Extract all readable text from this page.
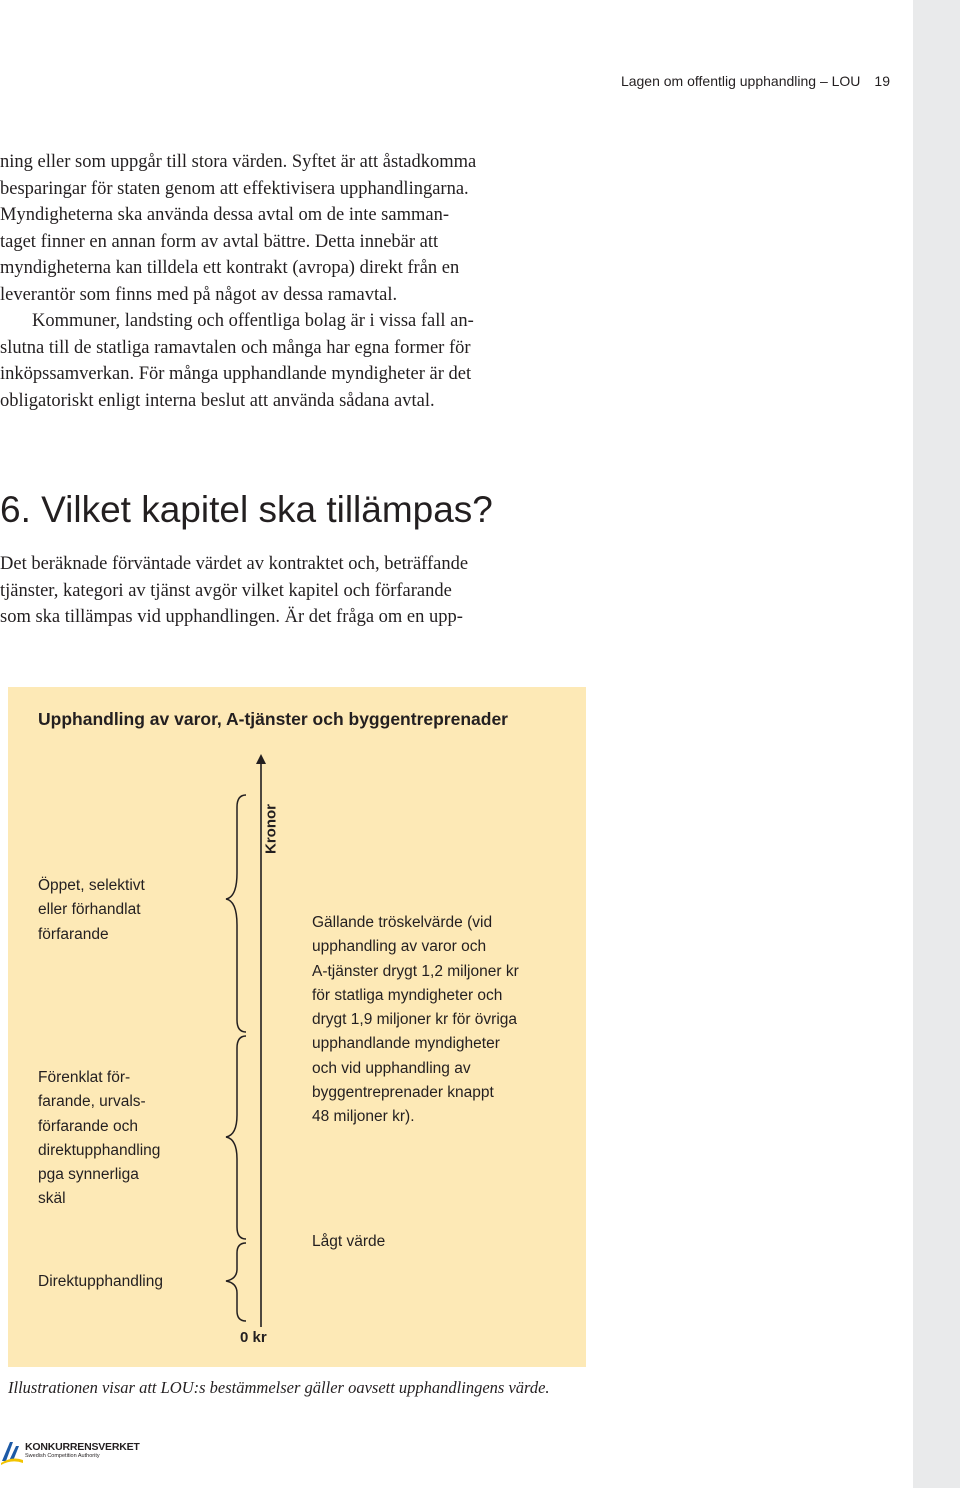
Lagen om offentlig upphandling – LOU 19

ning eller som uppgår till stora värden. Syftet är att åstadkomma
besparingar för staten genom att effektivisera upphandlingarna.
Myndigheterna ska använda dessa avtal om de inte samman-
taget finner en annan form av avtal bättre. Detta innebär att
myndigheterna kan tilldela ett kontrakt (avropa) direkt från en
leverantör som finns med på något av dessa ramavtal.

Kommuner, landsting och offentliga bolag är i vissa fall an-
slutna till de statliga ramavtalen och många har egna former för
inköpssamverkan. För många upphandlande myndigheter är det
obligatoriskt enligt interna beslut att använda sådana avtal.

6. Vilket kapitel ska tillämpas?

Det beräknade förväntade värdet av kontraktet och, beträffande
tjänster, kategori av tjänst avgör vilket kapitel och förfarande
som ska tillämpas vid upphandlingen. Är det fråga om en upp-

Upphandling av varor, A-tjänster och byggentreprenader
Kronor
Öppet, selektivt
eller förhandlat
förfarande
Förenklat för-
farande, urvals-
förfarande och
direktupphandling
pga synnerliga
skäl
Direktupphandling
Gällande tröskelvärde (vid
upphandling av varor och
A-tjänster drygt 1,2 miljoner kr
för statliga myndigheter och
drygt 1,9 miljoner kr för övriga
upphandlande myndigheter
och vid upphandling av
byggentreprenader knappt
48 miljoner kr).
Lågt värde
0 kr
Illustrationen visar att LOU:s bestämmelser gäller oavsett upphandlingens värde.
KONKURRENSVERKET
Swedish Competition Authority
